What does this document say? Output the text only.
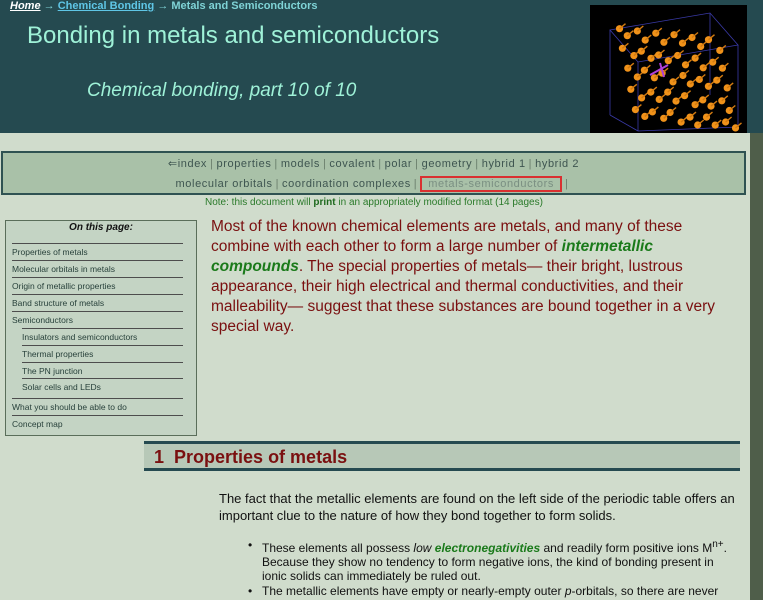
Home → Chemical Bonding → Metals and Semiconductors
Bonding in metals and semiconductors
Chemical bonding, part 10 of 10
⇐index | properties | models | covalent | polar | geometry | hybrid 1 | hybrid 2
molecular orbitals | coordination complexes | metals-semiconductors |
Note: this document will print in an appropriately modified format (14 pages)
On this page:
Properties of metals
Molecular orbitals in metals
Origin of metallic properties
Band structure of metals
Semiconductors
Insulators and semiconductors
Thermal properties
The PN junction
Solar cells and LEDs
What you should be able to do
Concept map
Most of the known chemical elements are metals, and many of these combine with each other to form a large number of intermetallic compounds. The special properties of metals— their bright, lustrous appearance, their high electrical and thermal conductivities, and their malleability— suggest that these substances are bound together in a very special way.
1 Properties of metals
The fact that the metallic elements are found on the left side of the periodic table offers an important clue to the nature of how they bond together to form solids.
• These elements all possess low electronegativities and readily form positive ions $M^{n+}$. Because they show no tendency to form negative ions, the kind of bonding present in ionic solids can immediately be ruled out.
• The metallic elements have empty or nearly-empty outer p-orbitals, so there are never
